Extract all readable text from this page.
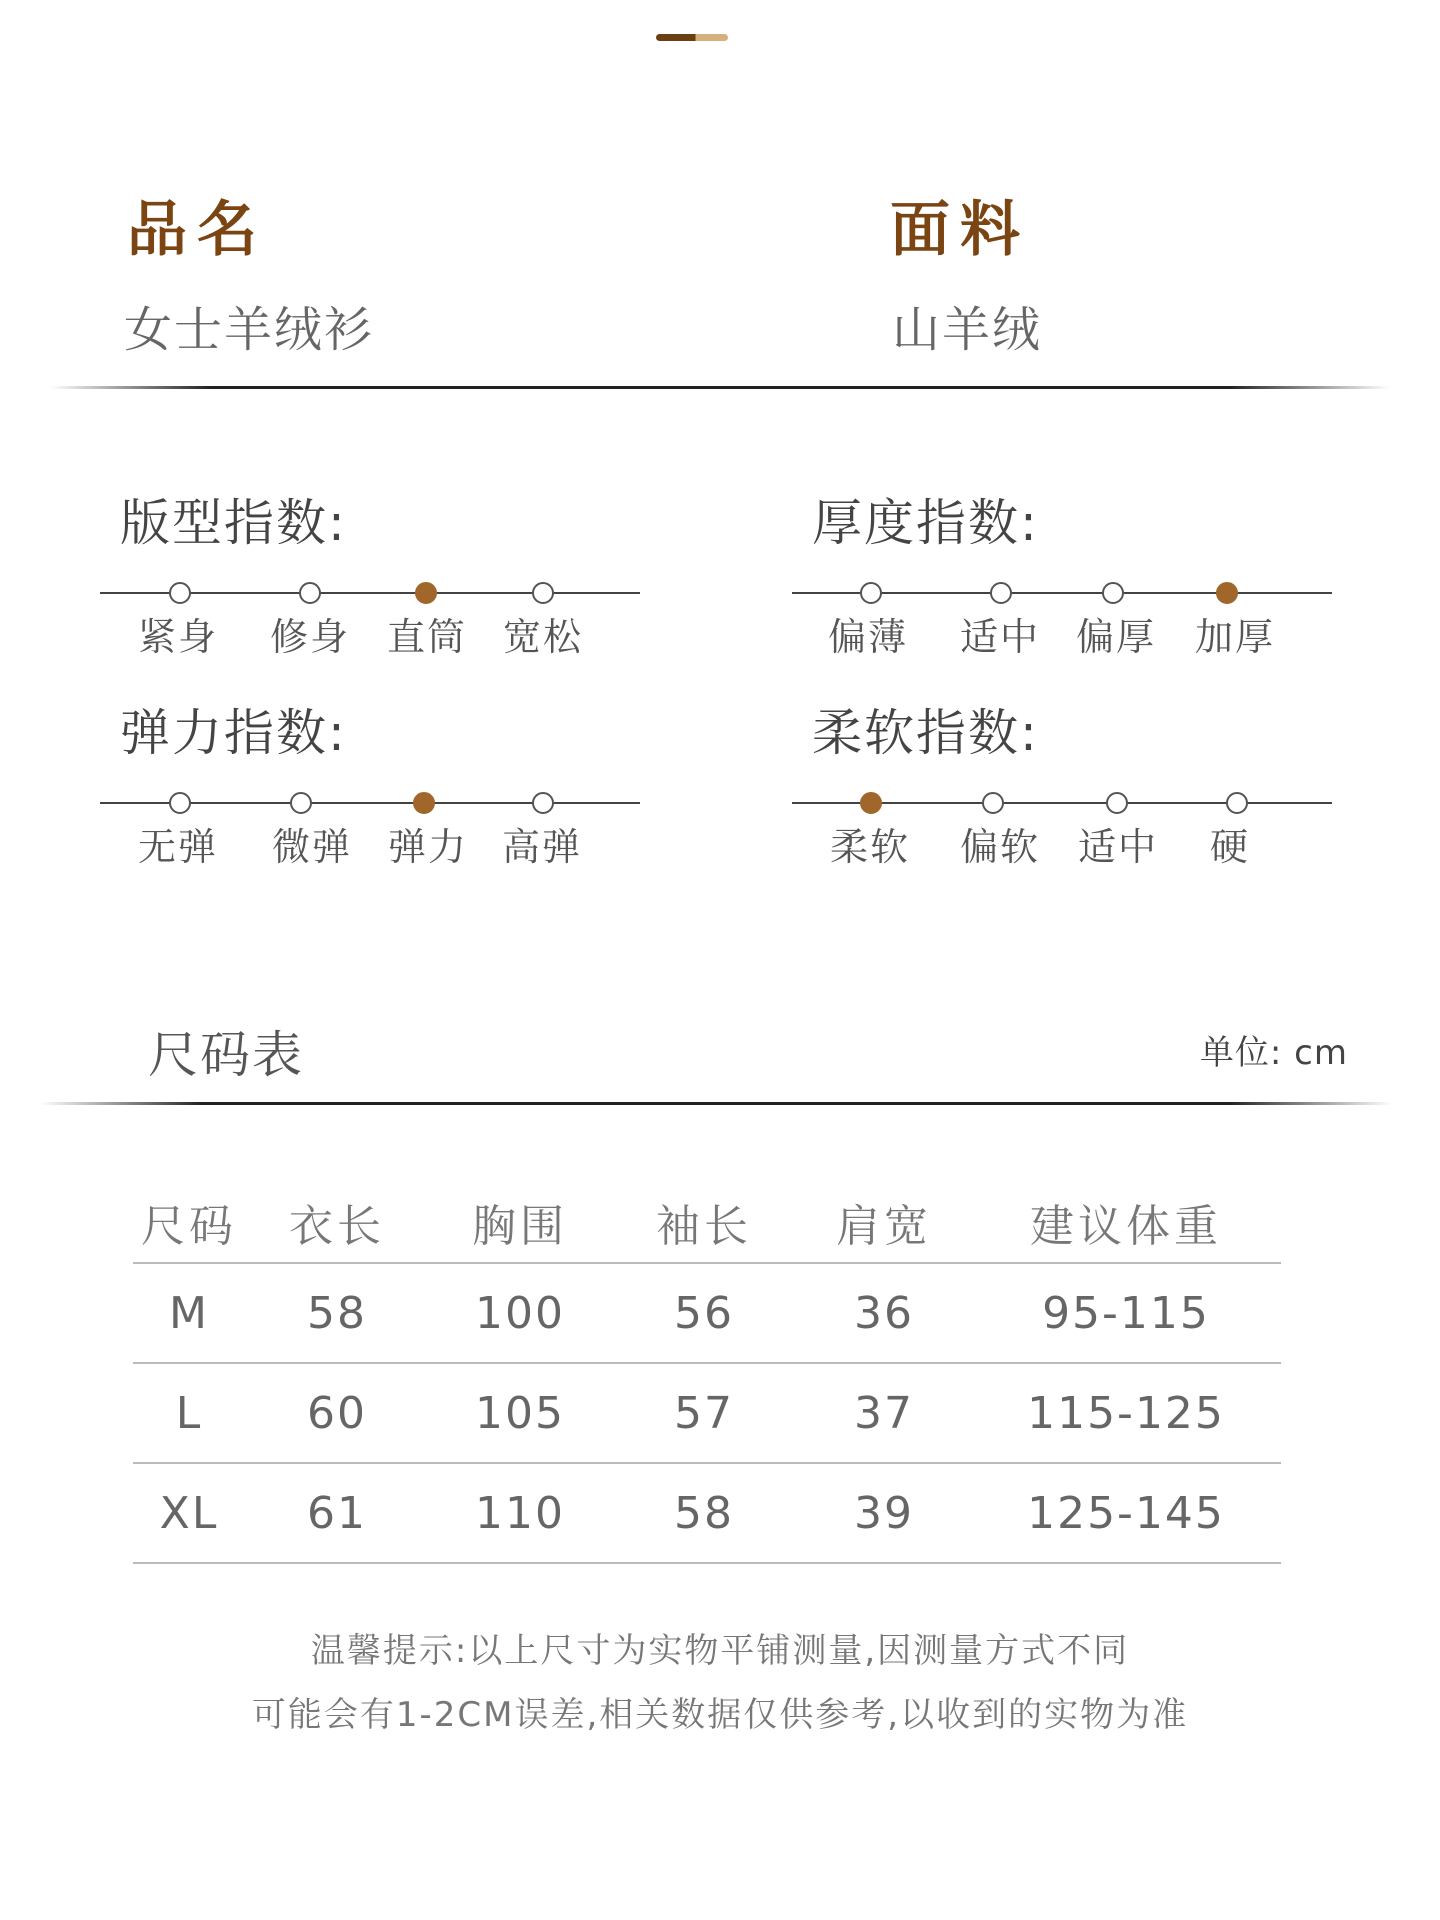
品名
女士羊绒衫
面料
山羊绒
版型指数:
紧身 修身 直筒 宽松
厚度指数:
偏薄 适中 偏厚 加厚
弹力指数:
无弹 微弹 弹力 高弹
柔软指数:
柔软 偏软 适中 硬
尺码表	单位: cm
尺码	衣长	胸围	袖长	肩宽	建议体重
M	58	100	56	36	95-115
L	60	105	57	37	115-125
XL	61	110	58	39	125-145
温馨提示:以上尺寸为实物平铺测量,因测量方式不同
可能会有1-2CM误差,相关数据仅供参考,以收到的实物为准
